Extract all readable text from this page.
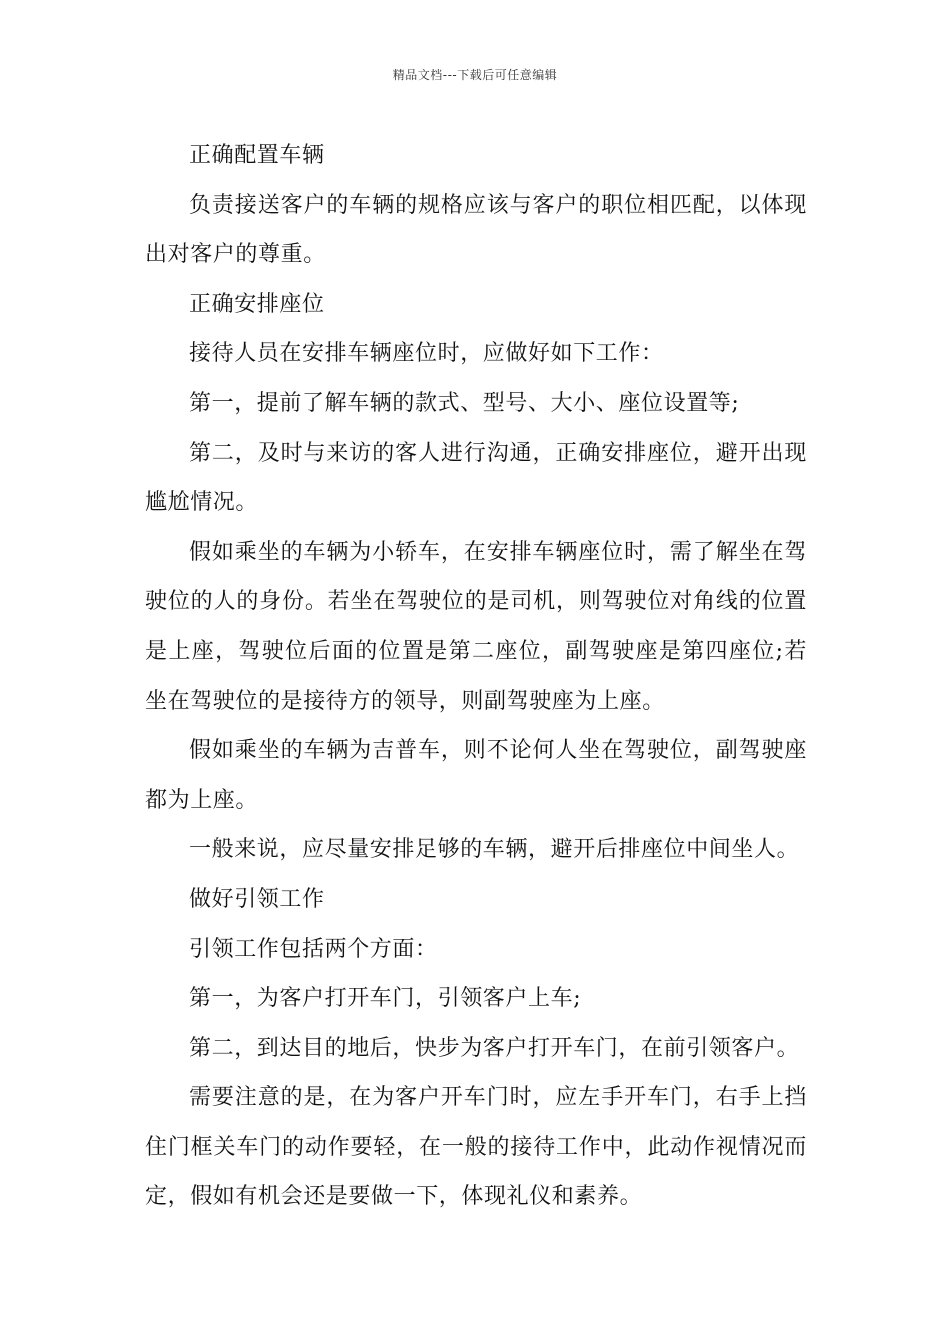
精品文档---下载后可任意编辑

正确配置车辆

负责接送客户的车辆的规格应该与客户的职位相匹配，以体现出对客户的尊重。

正确安排座位

接待人员在安排车辆座位时，应做好如下工作：

第一，提前了解车辆的款式、型号、大小、座位设置等;

第二，及时与来访的客人进行沟通，正确安排座位，避开出现尴尬情况。

假如乘坐的车辆为小轿车，在安排车辆座位时，需了解坐在驾驶位的人的身份。若坐在驾驶位的是司机，则驾驶位对角线的位置是上座，驾驶位后面的位置是第二座位，副驾驶座是第四座位;若坐在驾驶位的是接待方的领导，则副驾驶座为上座。

假如乘坐的车辆为吉普车，则不论何人坐在驾驶位，副驾驶座都为上座。

一般来说，应尽量安排足够的车辆，避开后排座位中间坐人。

做好引领工作

引领工作包括两个方面：

第一，为客户打开车门，引领客户上车;

第二，到达目的地后，快步为客户打开车门，在前引领客户。

需要注意的是，在为客户开车门时，应左手开车门，右手上挡住门框关车门的动作要轻，在一般的接待工作中，此动作视情况而定，假如有机会还是要做一下，体现礼仪和素养。
